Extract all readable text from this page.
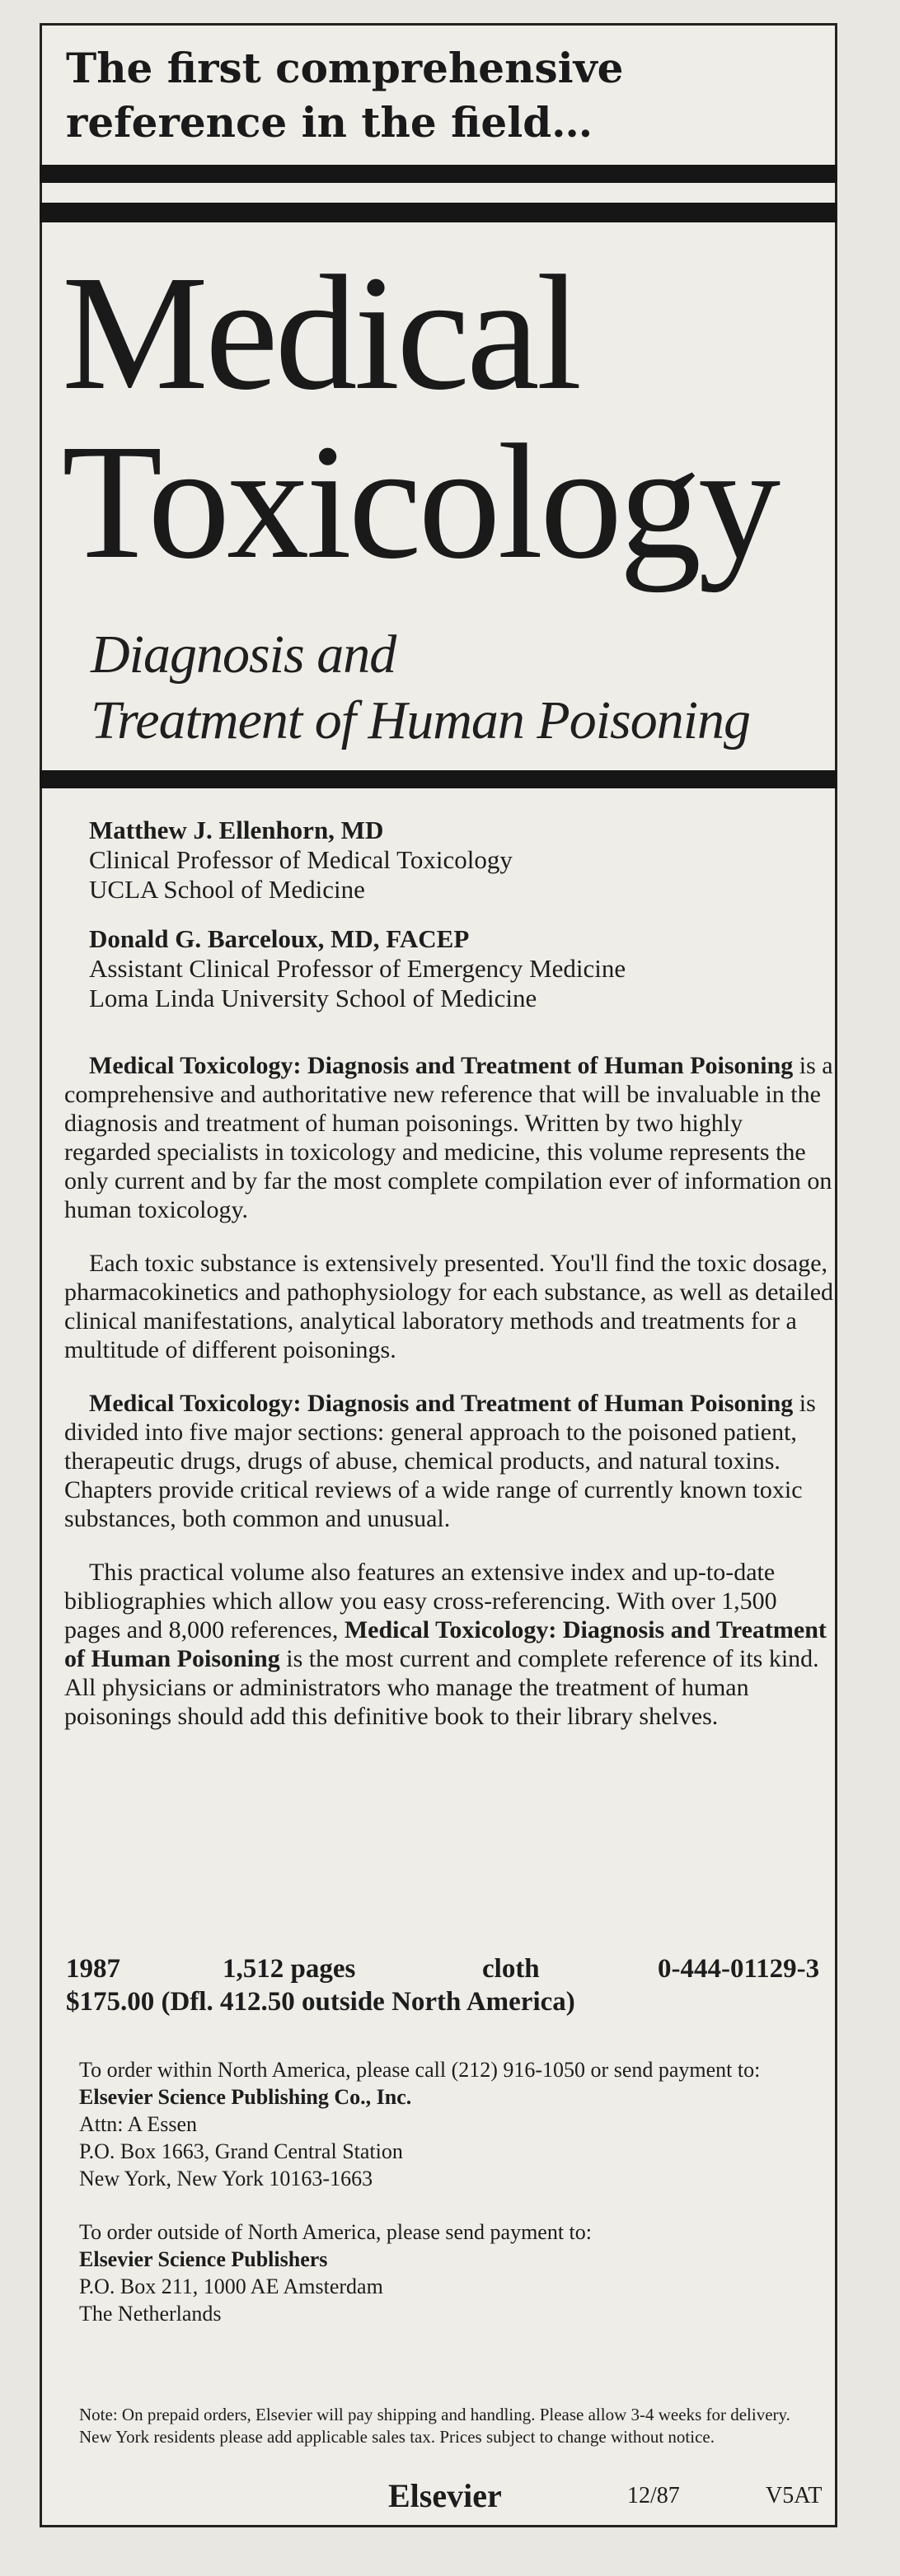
The first comprehensive
reference in the field…
Medical
Toxicology
Diagnosis and
Treatment of Human Poisoning
Matthew J. Ellenhorn, MD
Clinical Professor of Medical Toxicology
UCLA School of Medicine
Donald G. Barceloux, MD, FACEP
Assistant Clinical Professor of Emergency Medicine
Loma Linda University School of Medicine

Medical Toxicology: Diagnosis and Treatment of Human Poisoning is a comprehensive and authoritative new reference that will be invaluable in the diagnosis and treatment of human poisonings. Written by two highly regarded specialists in toxicology and medicine, this volume represents the only current and by far the most complete compilation ever of information on human toxicology.

Each toxic substance is extensively presented. You'll find the toxic dosage, pharmacokinetics and pathophysiology for each substance, as well as detailed clinical manifestations, analytical laboratory methods and treatments for a multitude of different poisonings.

Medical Toxicology: Diagnosis and Treatment of Human Poisoning is divided into five major sections: general approach to the poisoned patient, therapeutic drugs, drugs of abuse, chemical products, and natural toxins. Chapters provide critical reviews of a wide range of currently known toxic substances, both common and unusual.

This practical volume also features an extensive index and up-to-date bibliographies which allow you easy cross-referencing. With over 1,500 pages and 8,000 references, Medical Toxicology: Diagnosis and Treatment of Human Poisoning is the most current and complete reference of its kind. All physicians or administrators who manage the treatment of human poisonings should add this definitive book to their library shelves.

1987	1,512 pages	cloth	0-444-01129-3
$175.00 (Dfl. 412.50 outside North America)
To order within North America, please call (212) 916-1050 or send payment to:
Elsevier Science Publishing Co., Inc.
Attn: A Essen
P.O. Box 1663, Grand Central Station
New York, New York 10163-1663
To order outside of North America, please send payment to:
Elsevier Science Publishers
P.O. Box 211, 1000 AE Amsterdam
The Netherlands
Note: On prepaid orders, Elsevier will pay shipping and handling. Please allow 3-4 weeks for delivery. New York residents please add applicable sales tax. Prices subject to change without notice.
Elsevier	12/87	V5AT
